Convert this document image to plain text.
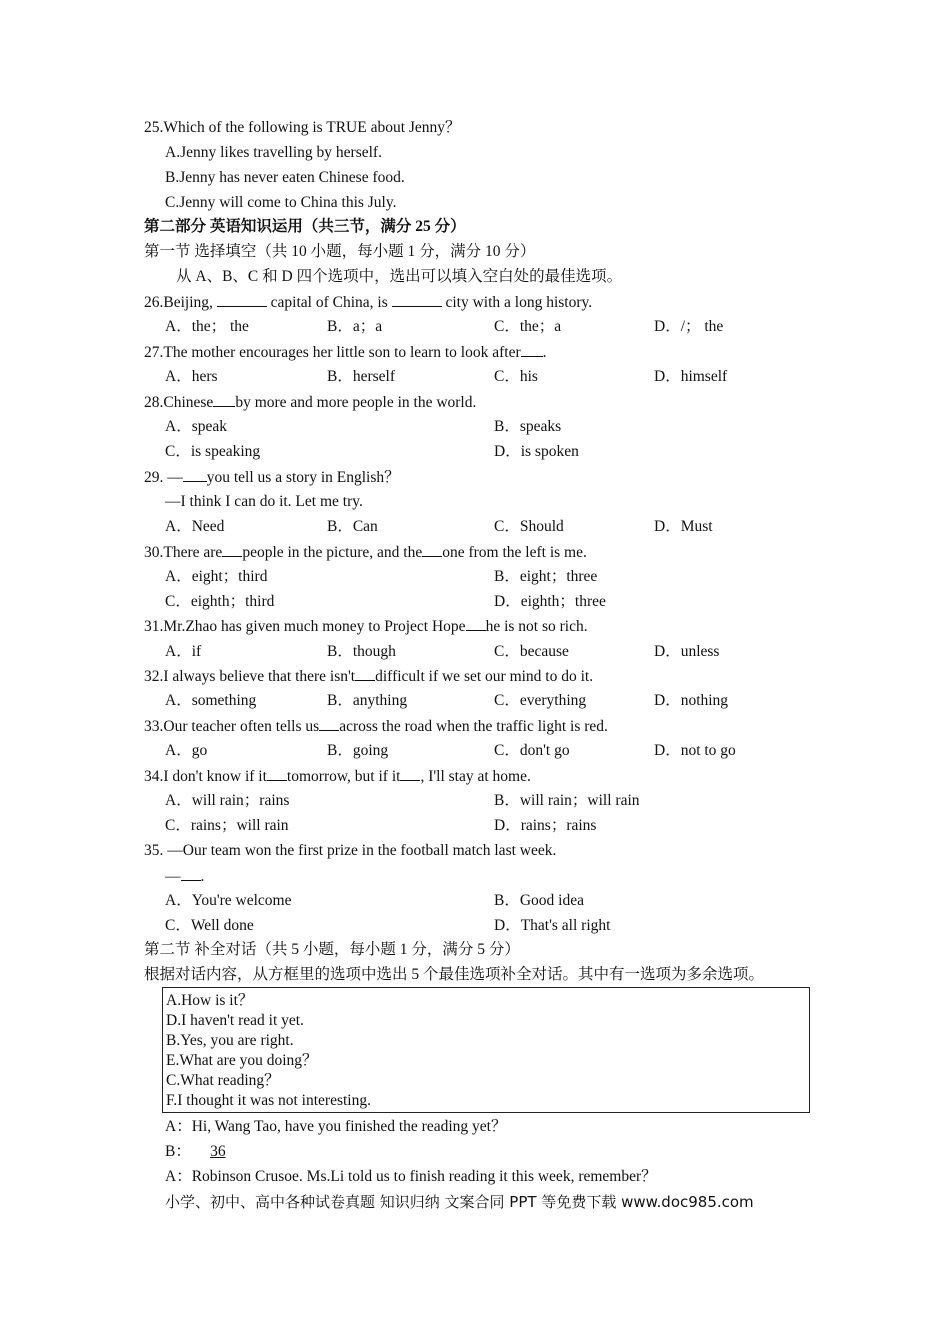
25.Which of the following is TRUE about Jenny？
A.Jenny likes travelling by herself.
B.Jenny has never eaten Chinese food.
C.Jenny will come to China this July.
第二部分 英语知识运用（共三节，满分 25 分）
第一节 选择填空（共 10 小题，每小题 1 分，满分 10 分）
从 A、B、C 和 D 四个选项中，选出可以填入空白处的最佳选项。
26.Beijing,	capital of China, is	city with a long history.
A．the； the	B．a；a	C．the；a	D．/； the
27.The mother encourages her little son to learn to look after .
A．hers	B．herself	C．his	D．himself
28.Chinese by more and more people in the world.
A．speak	B．speaks
C．is speaking	D．is spoken
29. — you tell us a story in English？
—I think I can do it. Let me try.
A．Need	B．Can	C．Should	D．Must
30.There are people in the picture, and the one from the left is me.
A．eight；third	B．eight；three
C．eighth；third	D．eighth；three
31.Mr.Zhao has given much money to Project Hope he is not so rich.
A．if	B．though	C．because	D．unless
32.I always believe that there isn't difficult if we set our mind to do it.
A．something	B．anything	C．everything	D．nothing
33.Our teacher often tells us across the road when the traffic light is red.
A．go	B．going	C．don't go	D．not to go
34.I don't know if it tomorrow, but if it , I'll stay at home.
A．will rain；rains	B．will rain；will rain
C．rains；will rain	D．rains；rains
35. —Our team won the first prize in the football match last week.
— .
A．You're welcome	B．Good idea
C．Well done	D．That's all right
第二节 补全对话（共 5 小题，每小题 1 分，满分 5 分）
根据对话内容，从方框里的选项中选出 5 个最佳选项补全对话。其中有一选项为多余选项。
A.How is it？
D.I haven't read it yet.
B.Yes, you are right.
E.What are you doing？
C.What reading？
F.I thought it was not interesting.
A：Hi, Wang Tao, have you finished the reading yet？
B： 36
A：Robinson Crusoe. Ms.Li told us to finish reading it this week, remember？
小学、初中、高中各种试卷真题 知识归纳 文案合同 PPT 等免费下载 www.doc985.com
